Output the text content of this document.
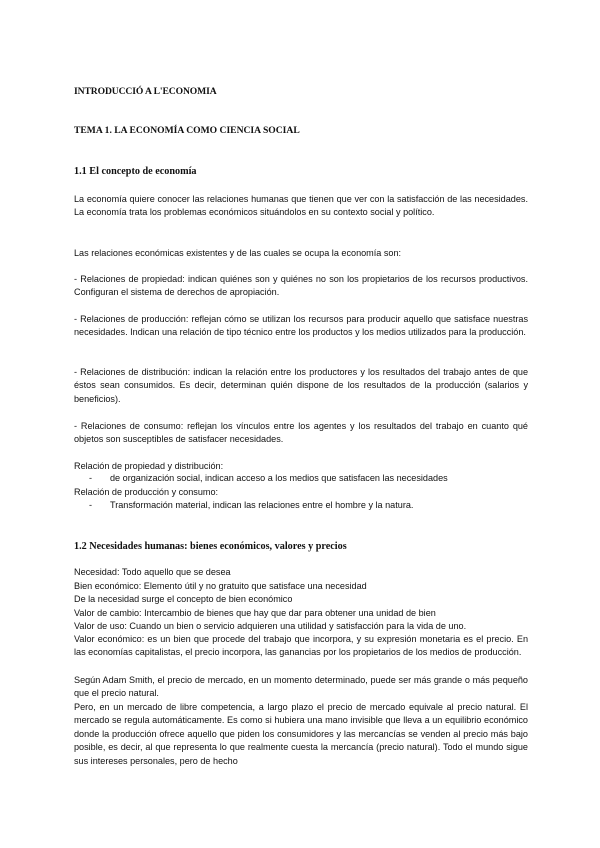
INTRODUCCIÓ A L'ECONOMIA
TEMA 1. LA ECONOMÍA COMO CIENCIA SOCIAL
1.1 El concepto de economía

La economía quiere conocer las relaciones humanas que tienen que ver con la satisfacción de las necesidades. La economía trata los problemas económicos situándolos en su contexto social y político.

Las relaciones económicas existentes y de las cuales se ocupa la economía son:

- Relaciones de propiedad: indican quiénes son y quiénes no son los propietarios de los recursos productivos. Configuran el sistema de derechos de apropiación.

- Relaciones de producción: reflejan cómo se utilizan los recursos para producir aquello que satisface nuestras necesidades. Indican una relación de tipo técnico entre los productos y los medios utilizados para la producción.

- Relaciones de distribución: indican la relación entre los productores y los resultados del trabajo antes de que éstos sean consumidos. Es decir, determinan quién dispone de los resultados de la producción (salarios y beneficios).

- Relaciones de consumo: reflejan los vínculos entre los agentes y los resultados del trabajo en cuanto qué objetos son susceptibles de satisfacer necesidades.

Relación de propiedad y distribución:
- de organización social, indican acceso a los medios que satisfacen las necesidades
Relación de producción y consumo:
- Transformación material, indican las relaciones entre el hombre y la natura.
1.2 Necesidades humanas: bienes económicos, valores y precios
Necesidad: Todo aquello que se desea
Bien económico: Elemento útil y no gratuito que satisface una necesidad
De la necesidad surge el concepto de bien económico
Valor de cambio: Intercambio de bienes que hay que dar para obtener una unidad de bien
Valor de uso: Cuando un bien o servicio adquieren una utilidad y satisfacción para la vida de uno.

Valor económico: es un bien que procede del trabajo que incorpora, y su expresión monetaria es el precio. En las economías capitalistas, el precio incorpora, las ganancias por los propietarios de los medios de producción.

Según Adam Smith, el precio de mercado, en un momento determinado, puede ser más grande o más pequeño que el precio natural.

Pero, en un mercado de libre competencia, a largo plazo el precio de mercado equivale al precio natural. El mercado se regula automáticamente. Es como si hubiera una mano invisible que lleva a un equilibrio económico donde la producción ofrece aquello que piden los consumidores y las mercancías se venden al precio más bajo posible, es decir, al que representa lo que realmente cuesta la mercancía (precio natural). Todo el mundo sigue sus intereses personales, pero de hecho
